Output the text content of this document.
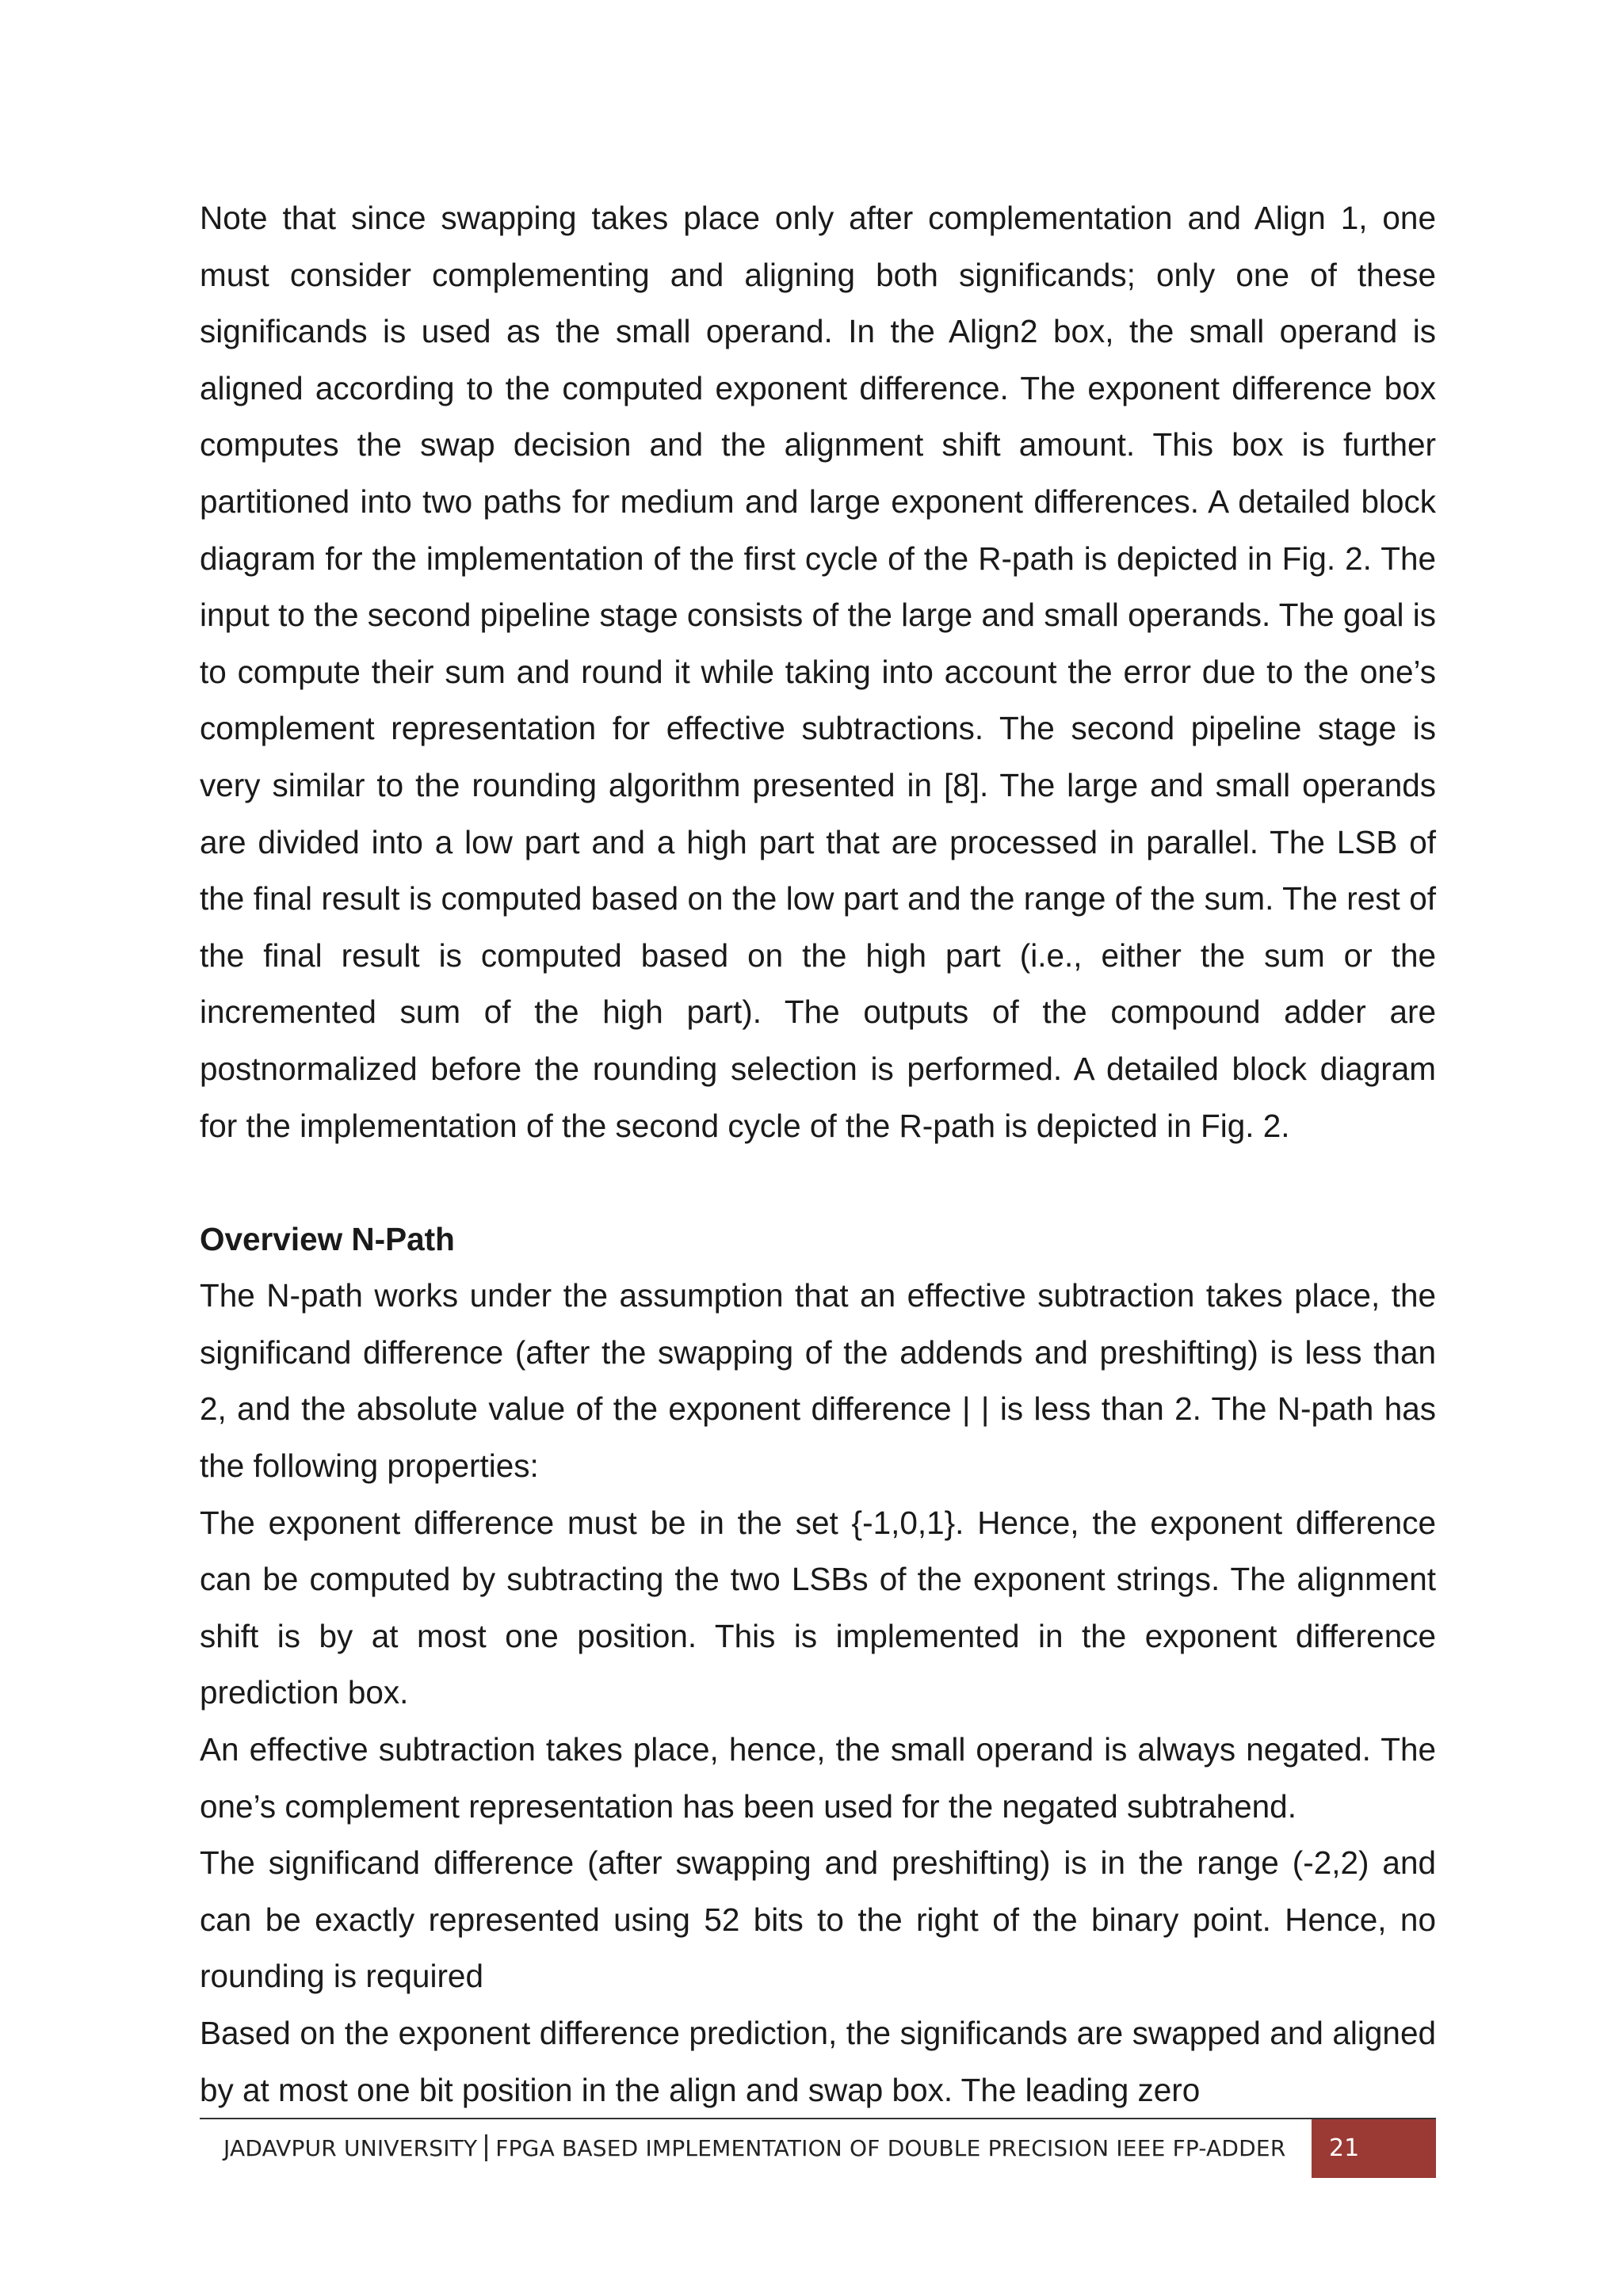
Note that since swapping takes place only after complementation and Align 1, one must consider complementing and aligning both significands; only one of these significands is used as the small operand. In the Align2 box, the small operand is aligned according to the computed exponent difference. The exponent difference box computes the swap decision and the alignment shift amount. This box is further partitioned into two paths for medium and large exponent differences. A detailed block diagram for the implementation of the first cycle of the R-path is depicted in Fig. 2. The input to the second pipeline stage consists of the large and small operands. The goal is to compute their sum and round it while taking into account the error due to the one’s complement representation for effective subtractions. The second pipeline stage is very similar to the rounding algorithm presented in [8]. The large and small operands are divided into a low part and a high part that are processed in parallel. The LSB of the final result is computed based on the low part and the range of the sum. The rest of the final result is computed based on the high part (i.e., either the sum or the incremented sum of the high part). The outputs of the compound adder are postnormalized before the rounding selection is performed. A detailed block diagram for the implementation of the second cycle of the R-path is depicted in Fig. 2.

Overview N-Path

The N-path works under the assumption that an effective subtraction takes place, the significand difference (after the swapping of the addends and preshifting) is less than 2, and the absolute value of the exponent difference | | is less than 2. The N-path has the following properties:

The exponent difference must be in the set {-1,0,1}. Hence, the exponent difference can be computed by subtracting the two LSBs of the exponent strings. The alignment shift is by at most one position. This is implemented in the exponent difference prediction box.

An effective subtraction takes place, hence, the small operand is always negated. The one’s complement representation has been used for the negated subtrahend.

The significand difference (after swapping and preshifting) is in the range (-2,2) and can be exactly represented using 52 bits to the right of the binary point. Hence, no rounding is required

Based on the exponent difference prediction, the significands are swapped and aligned by at most one bit position in the align and swap box. The leading zero

JADAVPUR UNIVERSITY FPGA BASED IMPLEMENTATION OF DOUBLE PRECISION IEEE FP-ADDER	21
